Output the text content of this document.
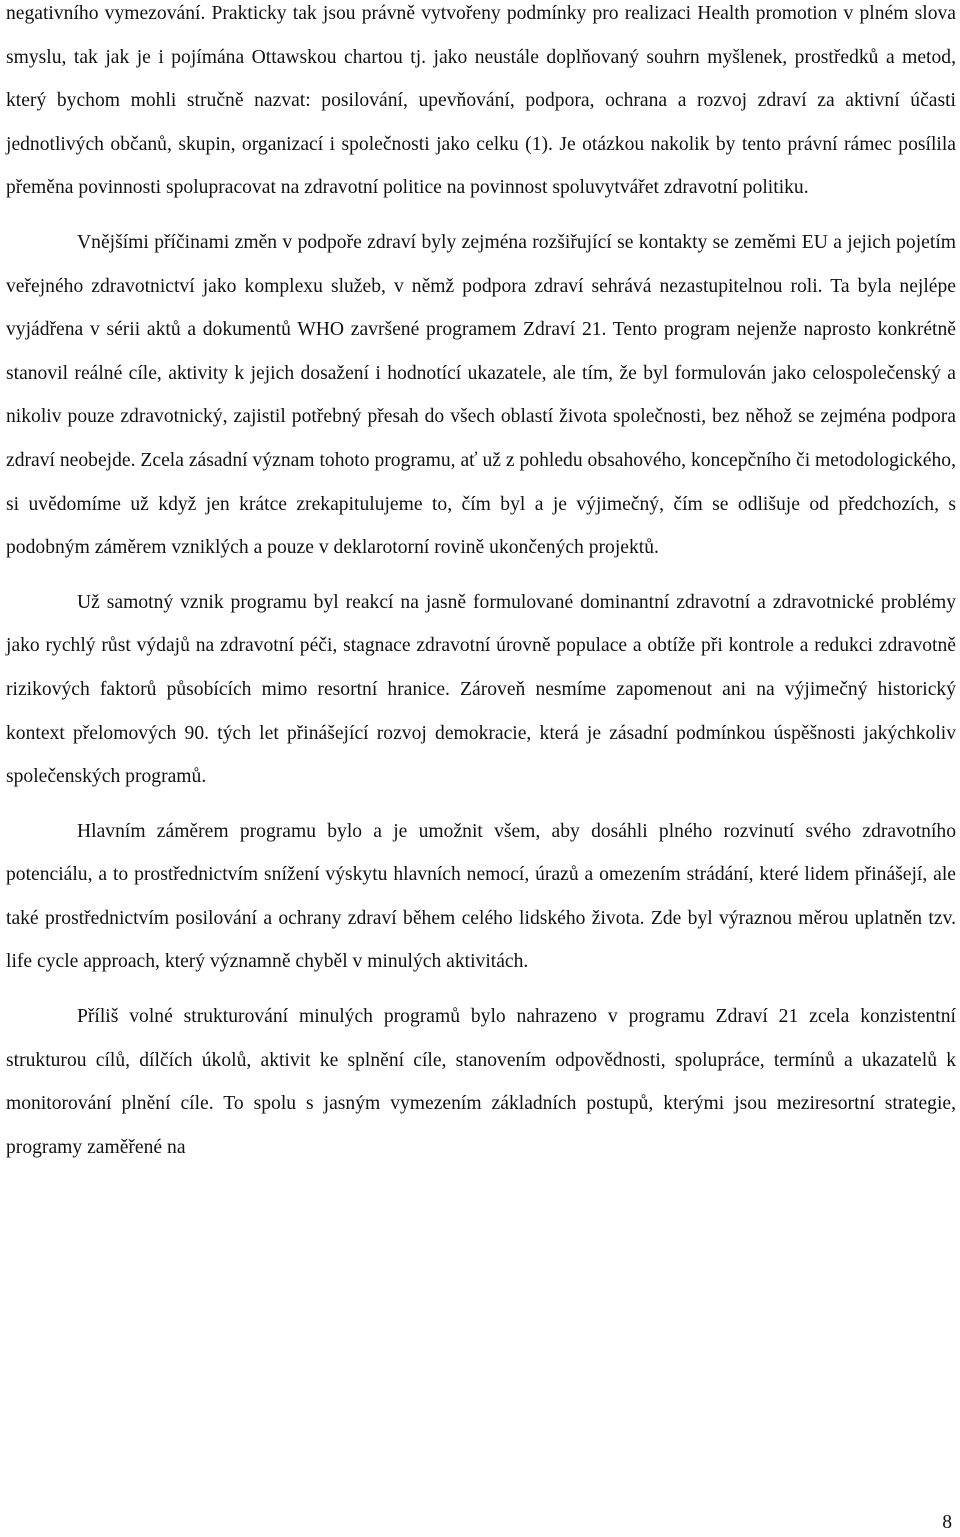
negativního vymezování. Prakticky tak jsou právně vytvořeny podmínky pro realizaci Health promotion v plném slova smyslu, tak jak je i pojímána Ottawskou chartou tj. jako neustále doplňovaný souhrn myšlenek, prostředků a metod, který bychom mohli stručně nazvat: posilování, upevňování, podpora, ochrana a rozvoj zdraví za aktivní účasti jednotlivých občanů, skupin, organizací i společnosti jako celku (1). Je otázkou nakolik by tento právní rámec posílila přeměna povinnosti spolupracovat na zdravotní politice na povinnost spoluvytvářet zdravotní politiku.

Vnějšími příčinami změn v podpoře zdraví byly zejména rozšiřující se kontakty se zeměmi EU a jejich pojetím veřejného zdravotnictví jako komplexu služeb, v němž podpora zdraví sehrává nezastupitelnou roli. Ta byla nejlépe vyjádřena v sérii aktů a dokumentů WHO završené programem Zdraví 21. Tento program nejenže naprosto konkrétně stanovil reálné cíle, aktivity k jejich dosažení i hodnotící ukazatele, ale tím, že byl formulován jako celospolečenský a nikoliv pouze zdravotnický, zajistil potřebný přesah do všech oblastí života společnosti, bez něhož se zejména podpora zdraví neobejde. Zcela zásadní význam tohoto programu, ať už z pohledu obsahového, koncepčního či metodologického, si uvědomíme už když jen krátce zrekapitulujeme to, čím byl a je výjimečný, čím se odlišuje od předchozích, s podobným záměrem vzniklých a pouze v deklarotorní rovině ukončených projektů.

Už samotný vznik programu byl reakcí na jasně formulované dominantní zdravotní a zdravotnické problémy jako rychlý růst výdajů na zdravotní péči, stagnace zdravotní úrovně populace a obtíže při kontrole a redukci zdravotně rizikových faktorů působících mimo resortní hranice. Zároveň nesmíme zapomenout ani na výjimečný historický kontext přelomových 90. tých let přinášející rozvoj demokracie, která je zásadní podmínkou úspěšnosti jakýchkoliv společenských programů.

Hlavním záměrem programu bylo a je umožnit všem, aby dosáhli plného rozvinutí svého zdravotního potenciálu, a to prostřednictvím snížení výskytu hlavních nemocí, úrazů a omezením strádání, které lidem přinášejí, ale také prostřednictvím posilování a ochrany zdraví během celého lidského života. Zde byl výraznou měrou uplatněn tzv. life cycle approach, který významně chyběl v minulých aktivitách.

Příliš volné strukturování minulých programů bylo nahrazeno v programu Zdraví 21 zcela konzistentní strukturou cílů, dílčích úkolů, aktivit ke splnění cíle, stanovením odpovědnosti, spolupráce, termínů a ukazatelů k monitorování plnění cíle. To spolu s jasným vymezením základních postupů, kterými jsou meziresortní strategie, programy zaměřené na

8
